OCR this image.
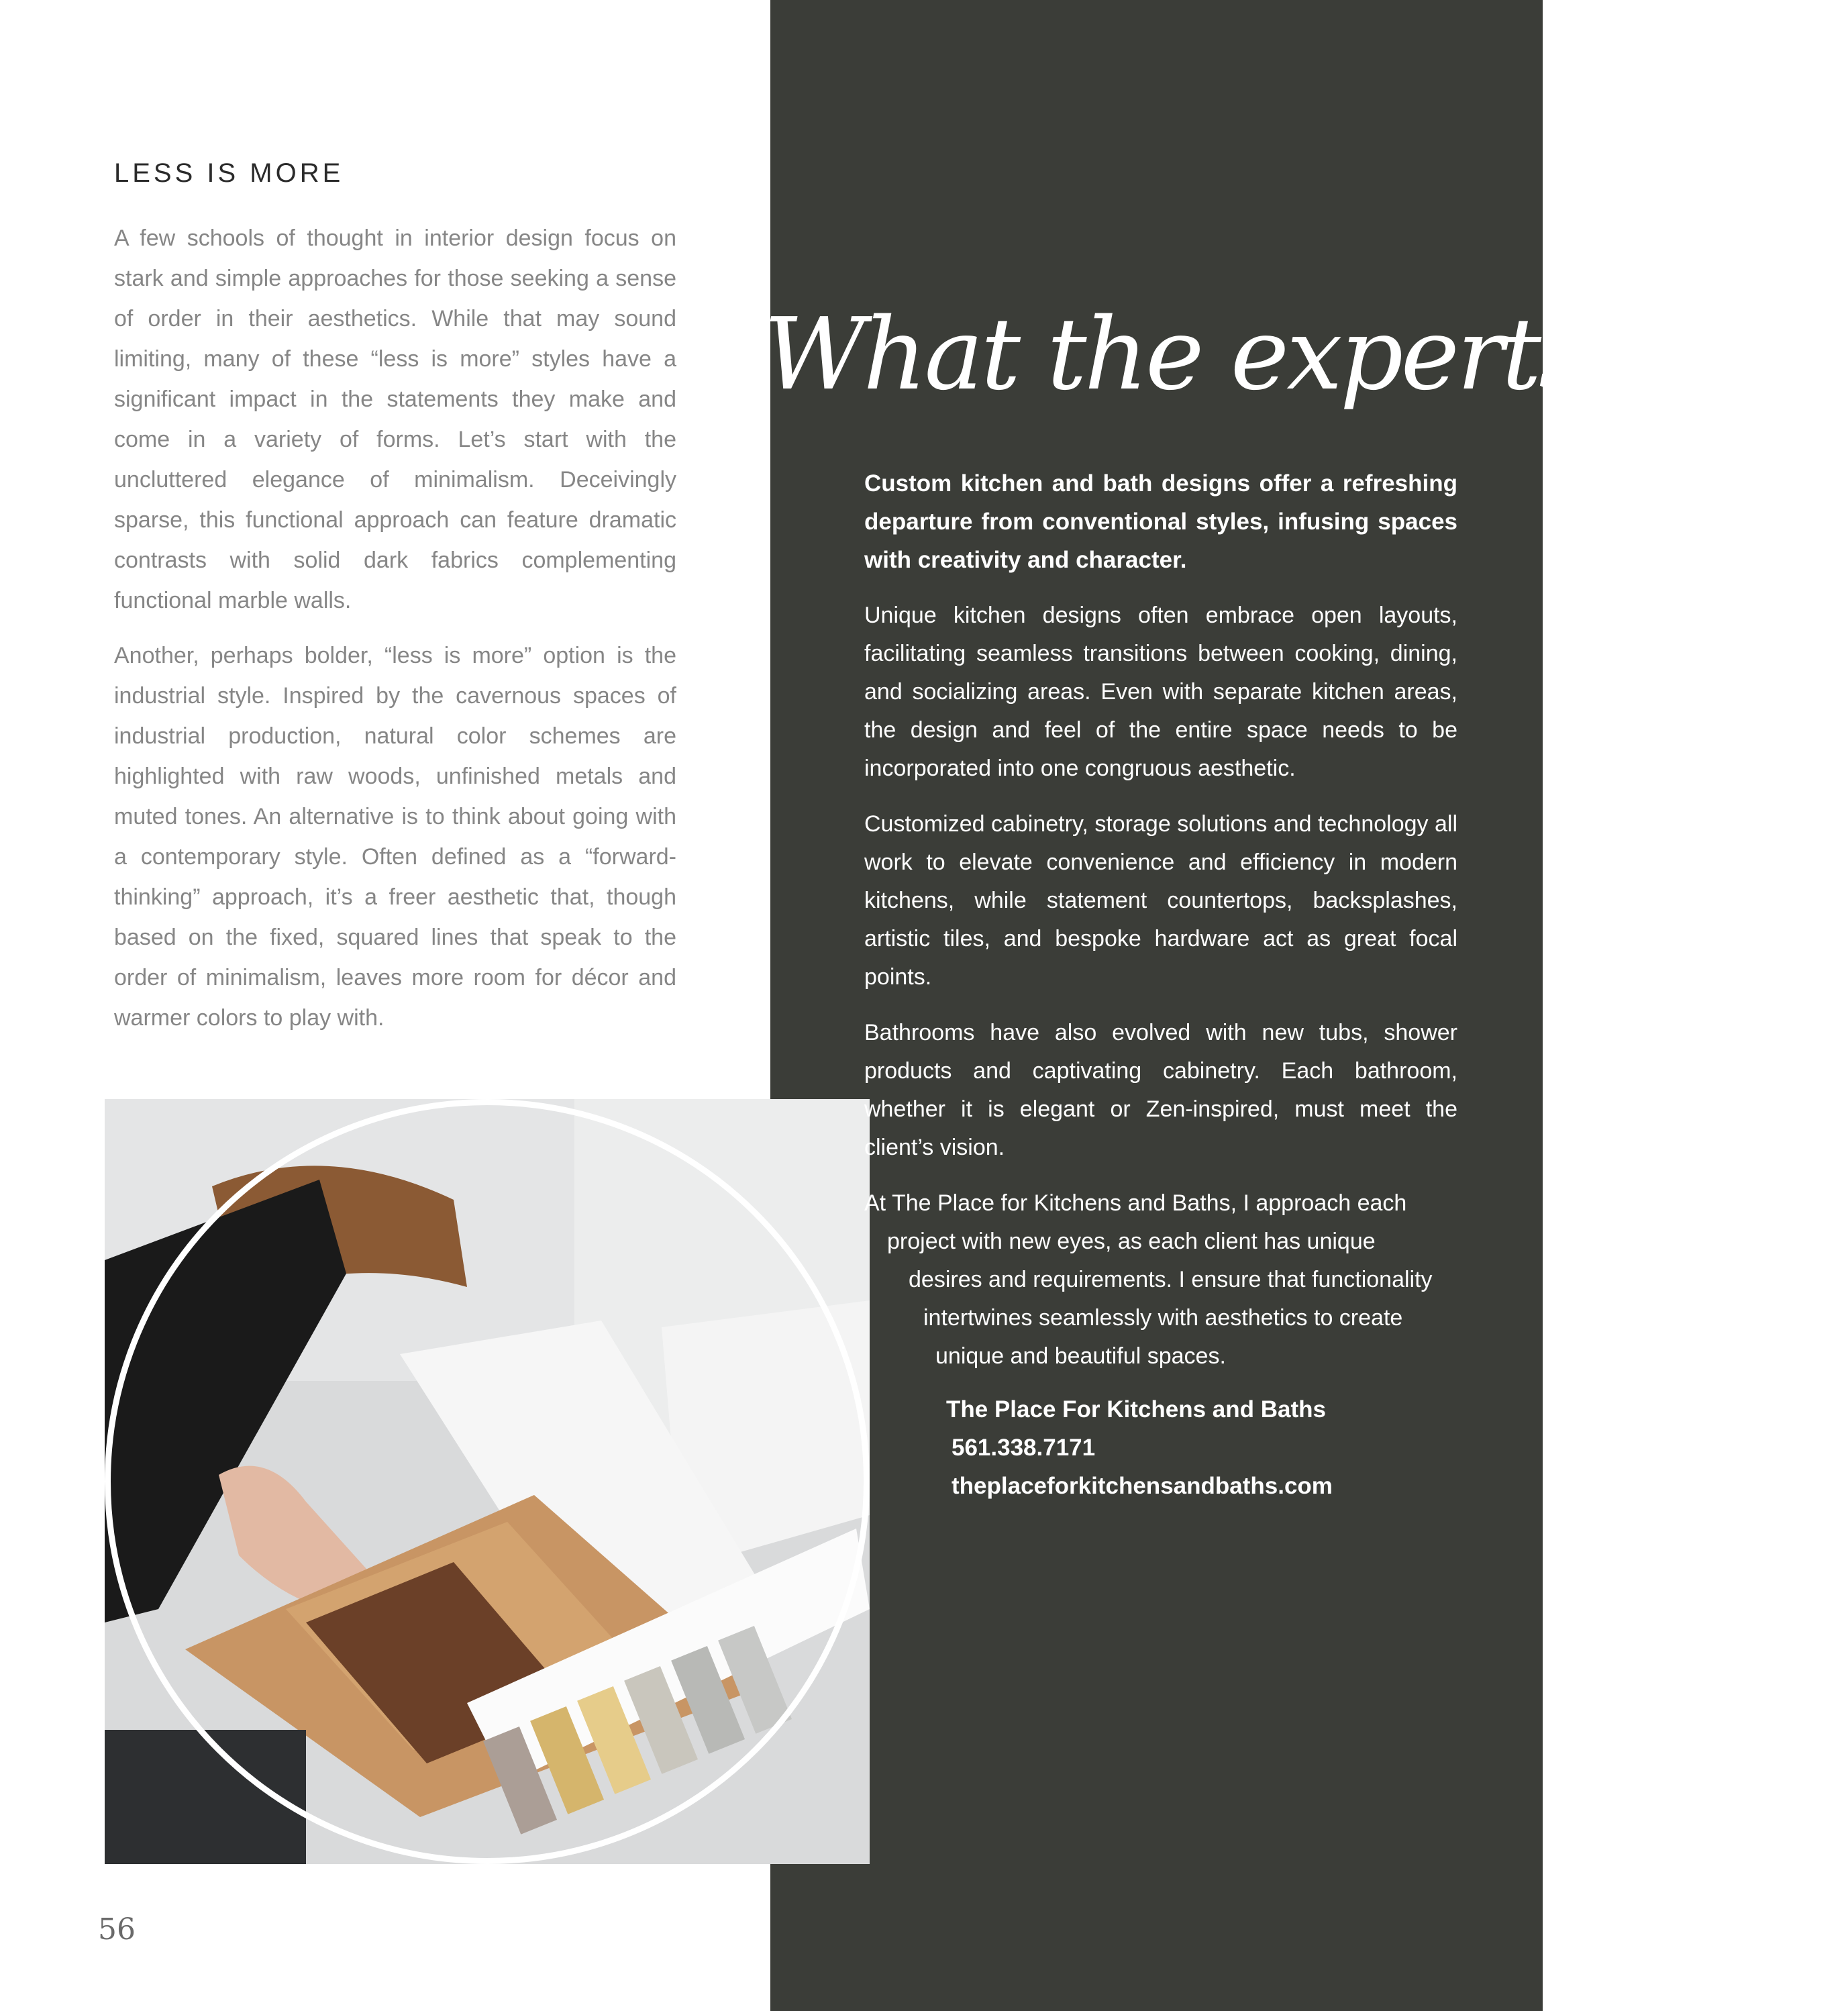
LESS IS MORE

A few schools of thought in interior design focus on stark and simple approaches for those seeking a sense of order in their aesthetics. While that may sound limiting, many of these “less is more” styles have a significant impact in the statements they make and come in a variety of forms. Let’s start with the uncluttered elegance of minimalism. Deceivingly sparse, this functional approach can feature dramatic contrasts with solid dark fabrics complementing functional marble walls.

Another, perhaps bolder, “less is more” option is the industrial style. Inspired by the cavernous spaces of industrial production, natural color schemes are highlighted with raw woods, unfinished metals and muted tones. An alternative is to think about going with a contemporary style. Often defined as a “forward-thinking” approach, it’s a freer aesthetic that, though based on the fixed, squared lines that speak to the order of minimalism, leaves more room for décor and warmer colors to play with.

What the experts say...

Custom kitchen and bath designs offer a refreshing departure from conventional styles, infusing spaces with creativity and character.

Unique kitchen designs often embrace open layouts, facilitating seamless transitions between cooking, dining, and socializing areas. Even with separate kitchen areas, the design and feel of the entire space needs to be incorporated into one congruous aesthetic.

Customized cabinetry, storage solutions and technology all work to elevate convenience and efficiency in modern kitchens, while statement countertops, backsplashes, artistic tiles, and bespoke hardware act as great focal points.

Bathrooms have also evolved with new tubs, shower products and captivating cabinetry. Each bathroom, whether it is elegant or Zen-inspired, must meet the client’s vision.

At The Place for Kitchens and Baths, I approach each
project with new eyes, as each client has unique
desires and requirements. I ensure that functionality
intertwines seamlessly with aesthetics to create
unique and beautiful spaces.
The Place For Kitchens and Baths
561.338.7171
theplaceforkitchensandbaths.com
56
